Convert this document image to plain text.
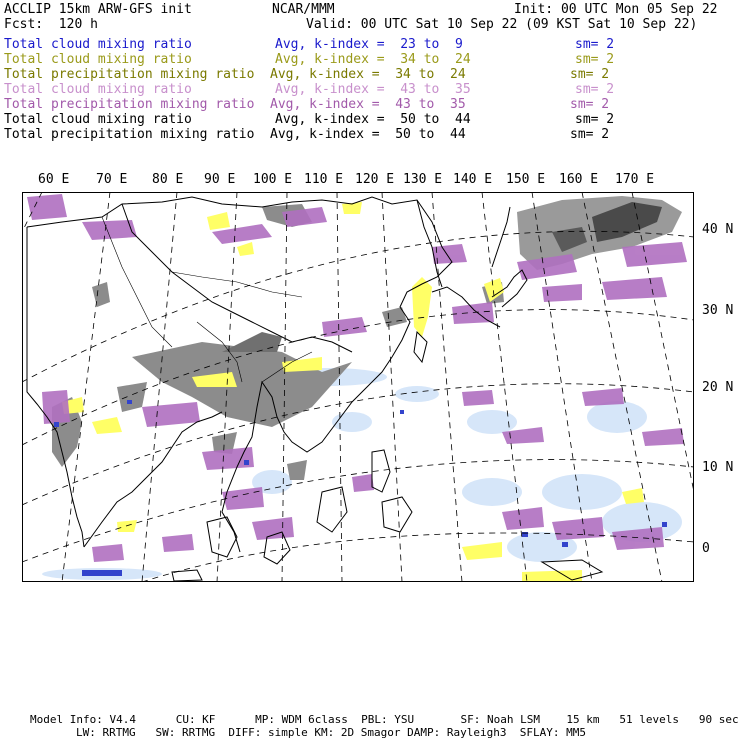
ACCLIP 15km ARW-GFS init	NCAR/MMM	Init: 00 UTC Mon 05 Sep 22
Fcst:  120 h	Valid: 00 UTC Sat 10 Sep 22 (09 KST Sat 10 Sep 22)
Total cloud mixing ratio	Avg, k-index =  23 to  9	sm= 2
Total cloud mixing ratio	Avg, k-index =  34 to  24	sm= 2
Total precipitation mixing ratio Avg, k-index =  34 to  24	sm= 2
Total cloud mixing ratio	Avg, k-index =  43 to  35	sm= 2
Total precipitation mixing ratio Avg, k-index =  43 to  35	sm= 2
Total cloud mixing ratio	Avg, k-index =  50 to  44	sm= 2
Total precipitation mixing ratio Avg, k-index =  50 to  44	sm= 2
60 E 70 E 80 E 90 E 100 E 110 E 120 E 130 E 140 E 150 E 160 E 170 E
40 N
30 N
20 N
10 N
0
Model Info: V4.4      CU: KF      MP: WDM 6class  PBL: YSU       SF: Noah LSM    15 km   51 levels   90 sec
LW: RRTMG   SW: RRTMG  DIFF: simple KM: 2D Smagor DAMP: Rayleigh3  SFLAY: MM5
